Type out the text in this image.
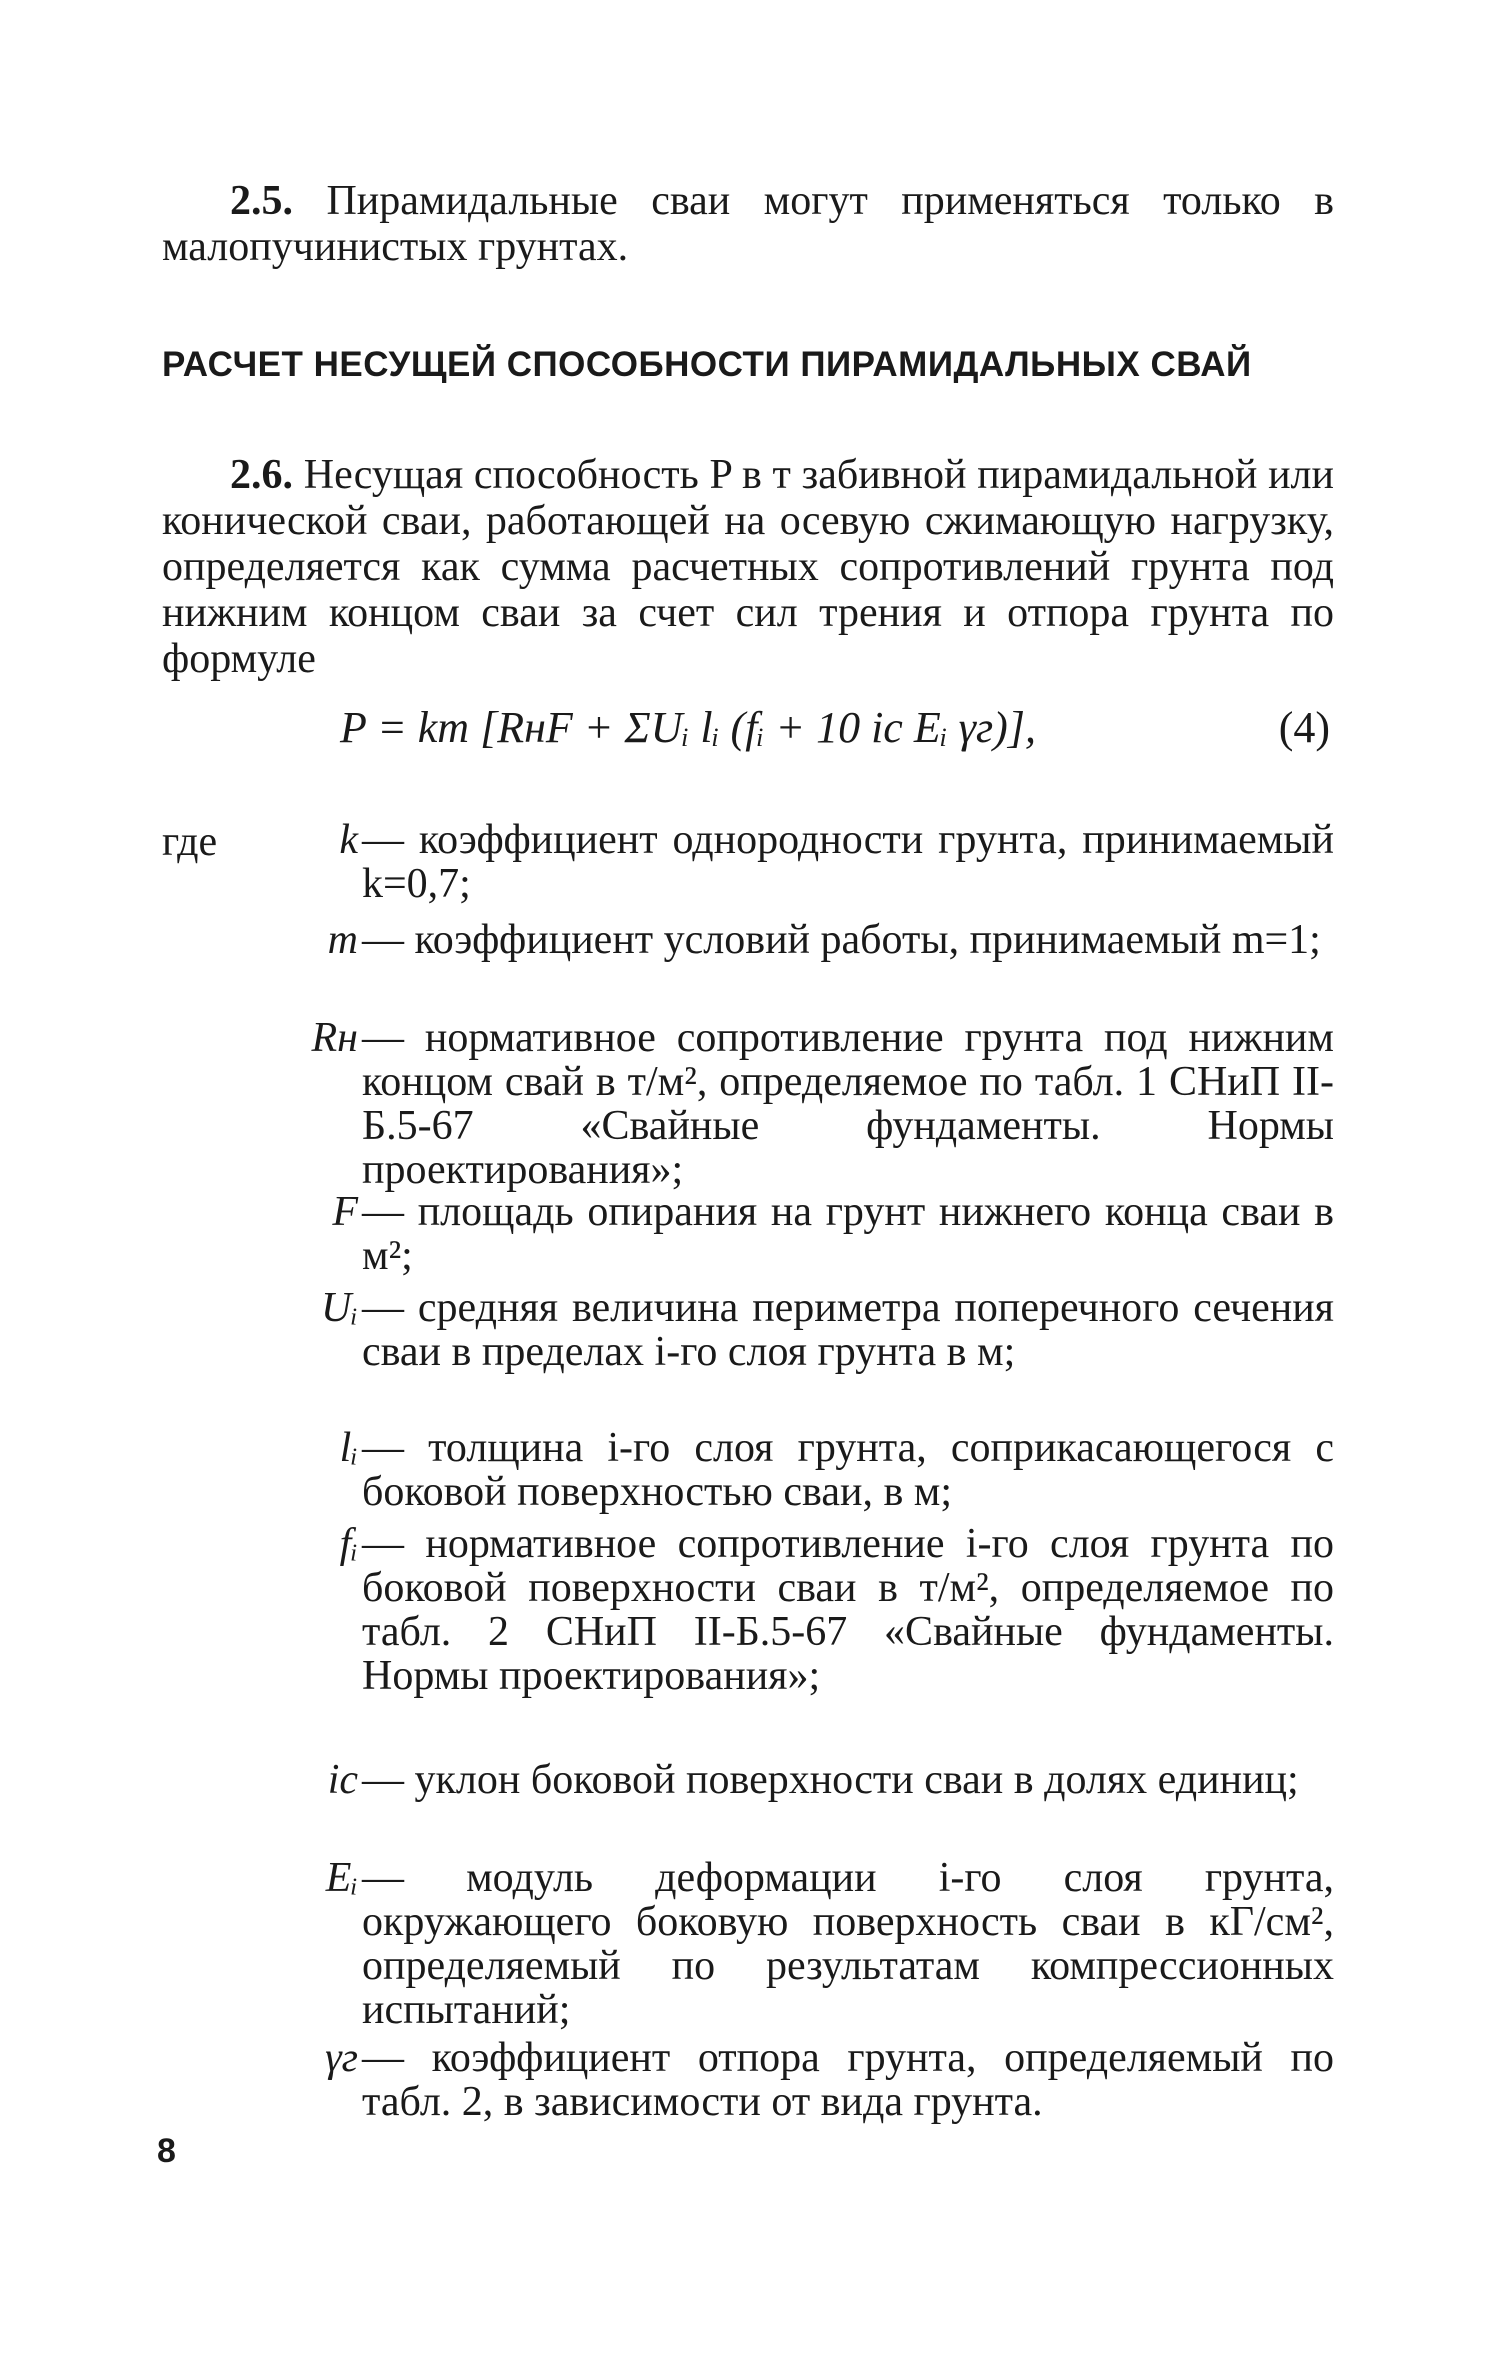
2.5. Пирамидальные сваи могут применяться только в малопучинистых грунтах.
РАСЧЕТ НЕСУЩЕЙ СПОСОБНОСТИ ПИРАМИДАЛЬНЫХ СВАЙ
2.6. Несущая способность P в т забивной пирамидальной или конической сваи, работающей на осевую сжимающую нагрузку, определяется как сумма расчетных сопротивлений грунта под нижним концом сваи за счет сил трения и отпора грунта по формуле
P = km [RнF + ΣUᵢ lᵢ (fᵢ + 10 iс Eᵢ γг)],	(4)
где	k — коэффициент однородности грунта, принимаемый k=0,7;
m — коэффициент условий работы, принимаемый m=1;
Rн — нормативное сопротивление грунта под нижним концом свай в т/м², определяемое по табл. 1 СНиП II-Б.5-67 «Свайные фундаменты. Нормы проектирования»;
F — площадь опирания на грунт нижнего конца сваи в м²;
Uᵢ — средняя величина периметра поперечного сечения сваи в пределах i-го слоя грунта в м;
lᵢ — толщина i-го слоя грунта, соприкасающегося с боковой поверхностью сваи, в м;
fᵢ — нормативное сопротивление i-го слоя грунта по боковой поверхности сваи в т/м², определяемое по табл. 2 СНиП II-Б.5-67 «Свайные фундаменты. Нормы проектирования»;
iс — уклон боковой поверхности сваи в долях единиц;
Eᵢ — модуль деформации i-го слоя грунта, окружающего боковую поверхность сваи в кГ/см², определяемый по результатам компрессионных испытаний;
γг — коэффициент отпора грунта, определяемый по табл. 2, в зависимости от вида грунта.
8
